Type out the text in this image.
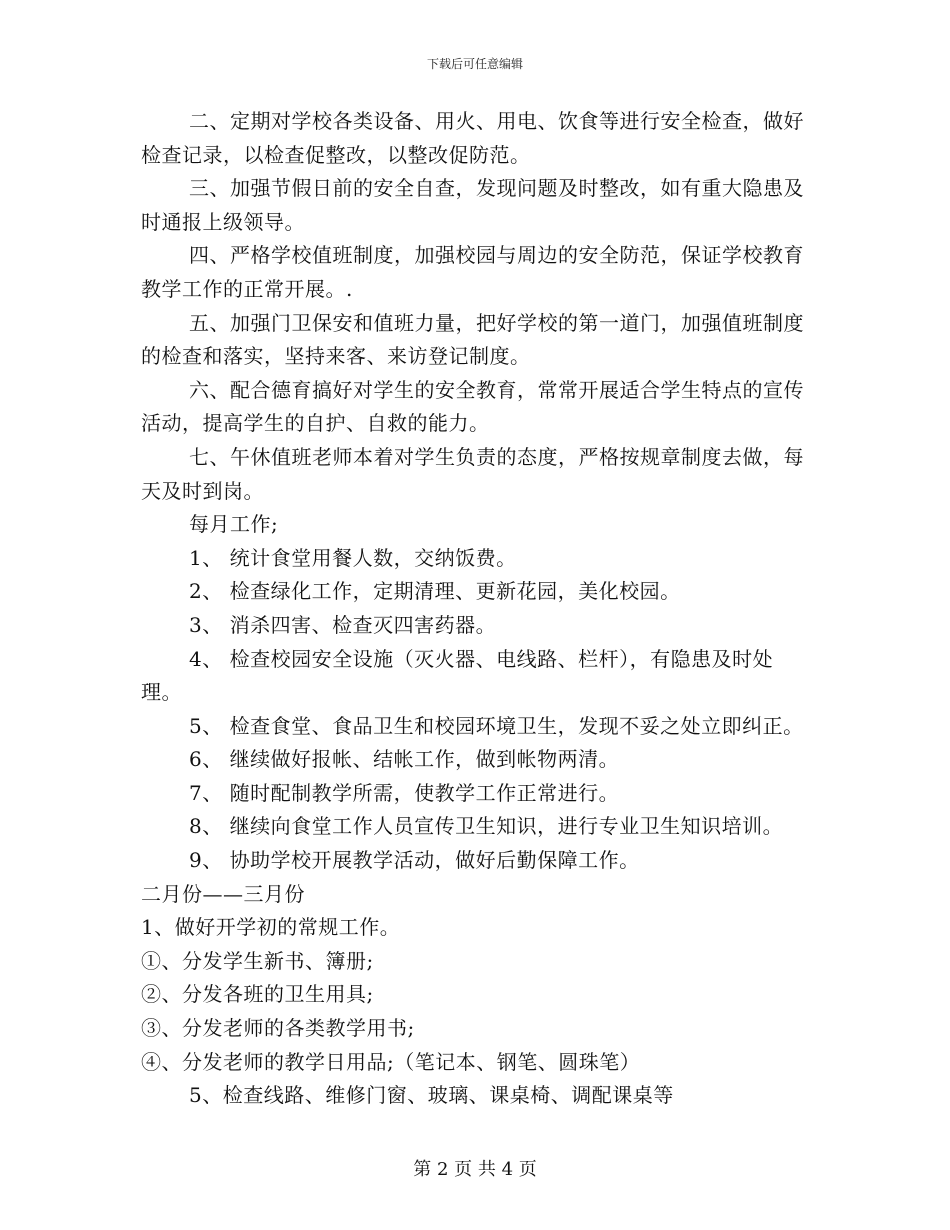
下载后可任意编辑

二、定期对学校各类设备、用火、用电、饮食等进行安全检查，做好检查记录，以检查促整改，以整改促防范。

三、加强节假日前的安全自查，发现问题及时整改，如有重大隐患及时通报上级领导。

四、严格学校值班制度，加强校园与周边的安全防范，保证学校教育教学工作的正常开展。.

五、加强门卫保安和值班力量，把好学校的第一道门，加强值班制度的检查和落实，坚持来客、来访登记制度。

六、配合德育搞好对学生的安全教育，常常开展适合学生特点的宣传活动，提高学生的自护、自救的能力。

七、午休值班老师本着对学生负责的态度，严格按规章制度去做，每天及时到岗。

每月工作;

1、 统计食堂用餐人数，交纳饭费。

2、 检查绿化工作，定期清理、更新花园，美化校园。

3、 消杀四害、检查灭四害药器。

4、 检查校园安全设施（灭火器、电线路、栏杆），有隐患及时处理。

5、 检查食堂、食品卫生和校园环境卫生，发现不妥之处立即纠正。

6、 继续做好报帐、结帐工作，做到帐物两清。

7、 随时配制教学所需，使教学工作正常进行。

8、 继续向食堂工作人员宣传卫生知识，进行专业卫生知识培训。

9、 协助学校开展教学活动，做好后勤保障工作。

二月份——三月份

1、做好开学初的常规工作。

①、分发学生新书、簿册;

②、分发各班的卫生用具;

③、分发老师的各类教学用书;

④、分发老师的教学日用品;（笔记本、钢笔、圆珠笔）

5、检查线路、维修门窗、玻璃、课桌椅、调配课桌等

第 2 页 共 4 页
